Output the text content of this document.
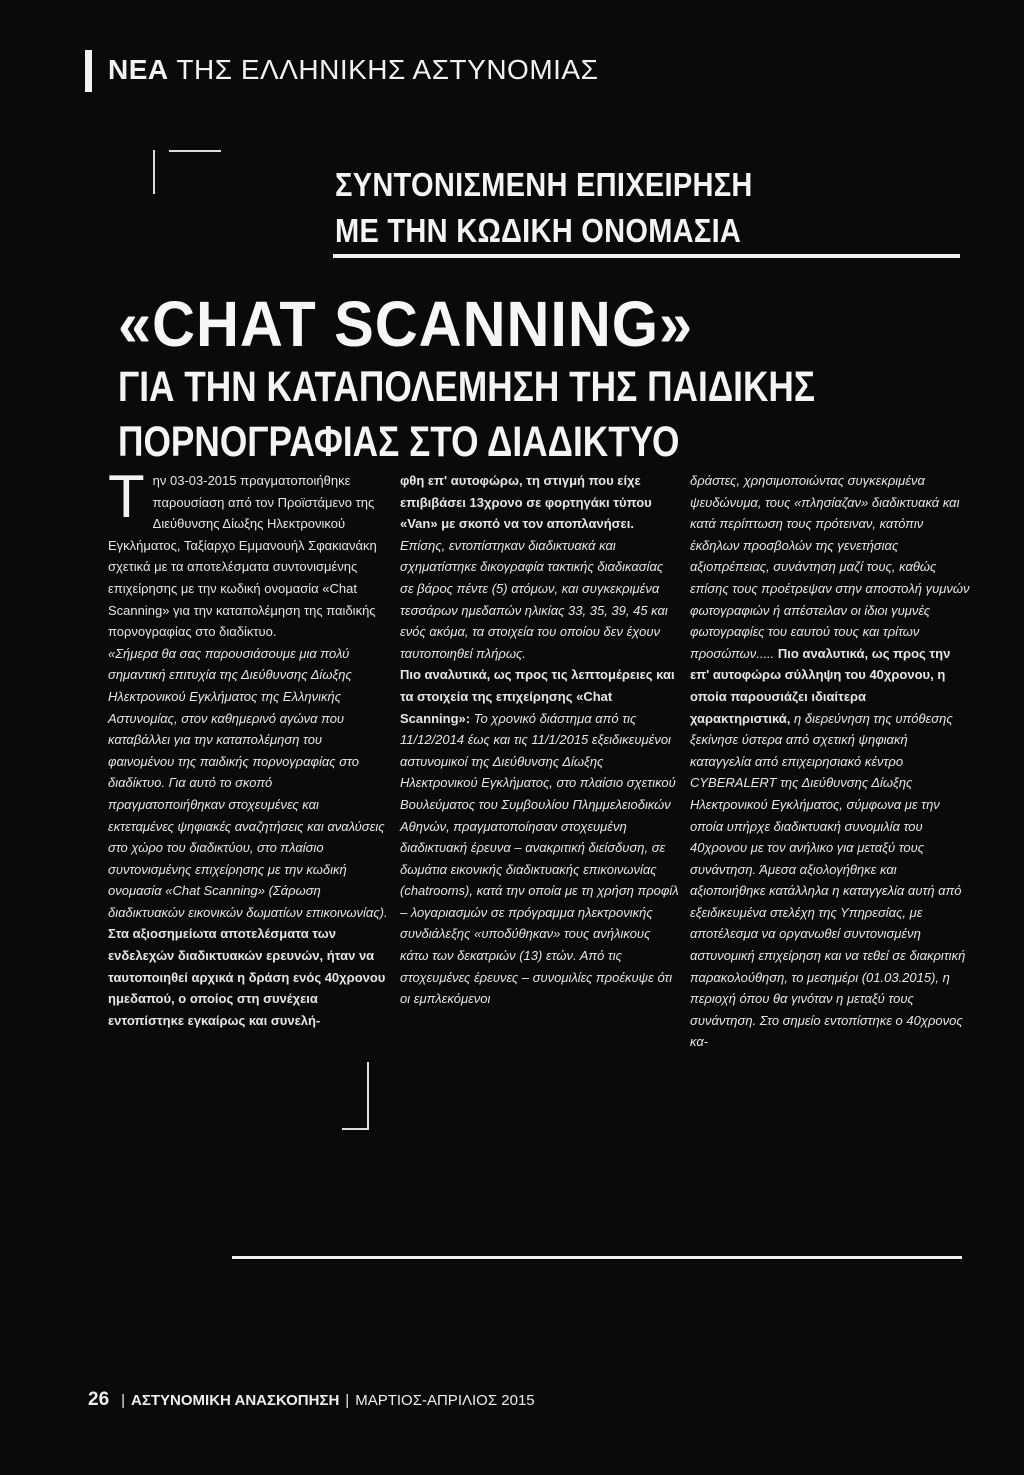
ΝΕΑ ΤΗΣ ΕΛΛΗΝΙΚΗΣ ΑΣΤΥΝΟΜΙΑΣ
ΣΥΝΤΟΝΙΣΜΕΝΗ ΕΠΙΧΕΙΡΗΣΗ
ΜΕ ΤΗΝ ΚΩΔΙΚΗ ΟΝΟΜΑΣΙΑ
«CHAT SCANNING»
ΓΙΑ ΤΗΝ ΚΑΤΑΠΟΛΕΜΗΣΗ ΤΗΣ ΠΑΙΔΙΚΗΣ
ΠΟΡΝΟΓΡΑΦΙΑΣ ΣΤΟ ΔΙΑΔΙΚΤΥΟ

Την 03-03-2015 πραγματοποιήθηκε παρουσίαση από τον Προϊστάμενο της Διεύθυνσης Δίωξης Ηλεκτρονικού Εγκλήματος, Ταξίαρχο Εμμανουήλ Σφακιανάκη σχετικά με τα αποτελέσματα συντονισμένης επιχείρησης με την κωδική ονομασία «Chat Scanning» για την καταπολέμηση της παιδικής πορνογραφίας στο διαδίκτυο.

«Σήμερα θα σας παρουσιάσουμε μια πολύ σημαντική επιτυχία της Διεύθυνσης Δίωξης Ηλεκτρονικού Εγκλήματος της Ελληνικής Αστυνομίας, στον καθημερινό αγώνα που καταβάλλει για την καταπολέμηση του φαινομένου της παιδικής πορνογραφίας στο διαδίκτυο. Για αυτό το σκοπό πραγματοποιήθηκαν στοχευμένες και εκτεταμένες ψηφιακές αναζητήσεις και αναλύσεις στο χώρο του διαδικτύου, στο πλαίσιο συντονισμένης επιχείρησης με την κωδική ονομασία «Chat Scanning» (Σάρωση διαδικτυακών εικονικών δωματίων επικοινωνίας). Στα αξιοσημείωτα αποτελέσματα των ενδελεχών διαδικτυακών ερευνών, ήταν να ταυτοποιηθεί αρχικά η δράση ενός 40χρονου ημεδαπού, ο οποίος στη συνέχεια εντοπίστηκε εγκαίρως και συνελή-

φθη επ' αυτοφώρω, τη στιγμή που είχε επιβιβάσει 13χρονο σε φορτηγάκι τύπου «Van» με σκοπό να τον αποπλανήσει. Επίσης, εντοπίστηκαν διαδικτυακά και σχηματίστηκε δικογραφία τακτικής διαδικασίας σε βάρος πέντε (5) ατόμων, και συγκεκριμένα τεσσάρων ημεδαπών ηλικίας 33, 35, 39, 45 και ενός ακόμα, τα στοιχεία του οποίου δεν έχουν ταυτοποιηθεί πλήρως.

Πιο αναλυτικά, ως προς τις λεπτομέρειες και τα στοιχεία της επιχείρησης «Chat Scanning»: Το χρονικό διάστημα από τις 11/12/2014 έως και τις 11/1/2015 εξειδικευμένοι αστυνομικοί της Διεύθυνσης Δίωξης Ηλεκτρονικού Εγκλήματος, στο πλαίσιο σχετικού Βουλεύματος του Συμβουλίου Πλημμελειοδικών Αθηνών, πραγματοποίησαν στοχευμένη διαδικτυακή έρευνα – ανακριτική διείσδυση, σε δωμάτια εικονικής διαδικτυακής επικοινωνίας (chatrooms), κατά την οποία με τη χρήση προφίλ – λογαριασμών σε πρόγραμμα ηλεκτρονικής συνδιάλεξης «υποδύθηκαν» τους ανήλικους κάτω των δεκατριών (13) ετών. Από τις στοχευμένες έρευνες – συνομιλίες προέκυψε ότι οι εμπλεκόμενοι

δράστες, χρησιμοποιώντας συγκεκριμένα ψευδώνυμα, τους «πλησίαζαν» διαδικτυακά και κατά περίπτωση τους πρότειναν, κατόπιν έκδηλων προσβολών της γενετήσιας αξιοπρέπειας, συνάντηση μαζί τους, καθώς επίσης τους προέτρεψαν στην αποστολή γυμνών φωτογραφιών ή απέστειλαν οι ίδιοι γυμνές φωτογραφίες του εαυτού τους και τρίτων προσώπων..... Πιο αναλυτικά, ως προς την επ' αυτοφώρω σύλληψη του 40χρονου, η οποία παρουσιάζει ιδιαίτερα χαρακτηριστικά, η διερεύνηση της υπόθεσης ξεκίνησε ύστερα από σχετική ψηφιακή καταγγελία από επιχειρησιακό κέντρο CYBERALERT της Διεύθυνσης Δίωξης Ηλεκτρονικού Εγκλήματος, σύμφωνα με την οποία υπήρχε διαδικτυακή συνομιλία του 40χρονου με τον ανήλικο για μεταξύ τους συνάντηση. Άμεσα αξιολογήθηκε και αξιοποιήθηκε κατάλληλα η καταγγελία αυτή από εξειδικευμένα στελέχη της Υπηρεσίας, με αποτέλεσμα να οργανωθεί συντονισμένη αστυνομική επιχείρηση και να τεθεί σε διακριτική παρακολούθηση, το μεσημέρι (01.03.2015), η περιοχή όπου θα γινόταν η μεταξύ τους συνάντηση. Στο σημείο εντοπίστηκε ο 40χρονος κα-

26 | ΑΣΤΥΝΟΜΙΚΗ ΑΝΑΣΚΟΠΗΣΗ | ΜΑΡΤΙΟΣ-ΑΠΡΙΛΙΟΣ 2015
